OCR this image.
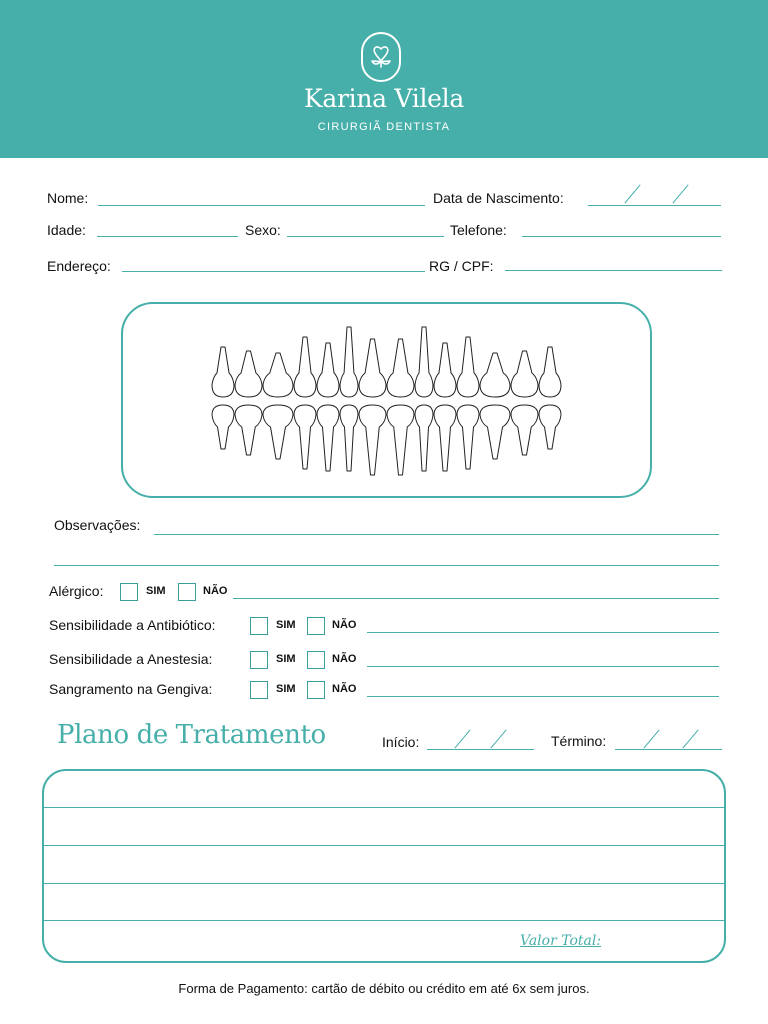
Karina Vilela
CIRURGIÃ DENTISTA
Nome:	Data de Nascimento:
Idade:	Sexo:	Telefone:
Endereço:	RG / CPF:
Observações:
Alérgico:	SIM	NÃO
Sensibilidade a Antibiótico:	SIM	NÃO
Sensibilidade a Anestesia:	SIM	NÃO
Sangramento na Gengiva:	SIM	NÃO
Plano de Tratamento	Início:	Término:
Valor Total:
Forma de Pagamento: cartão de débito ou crédito em até 6x sem juros.
